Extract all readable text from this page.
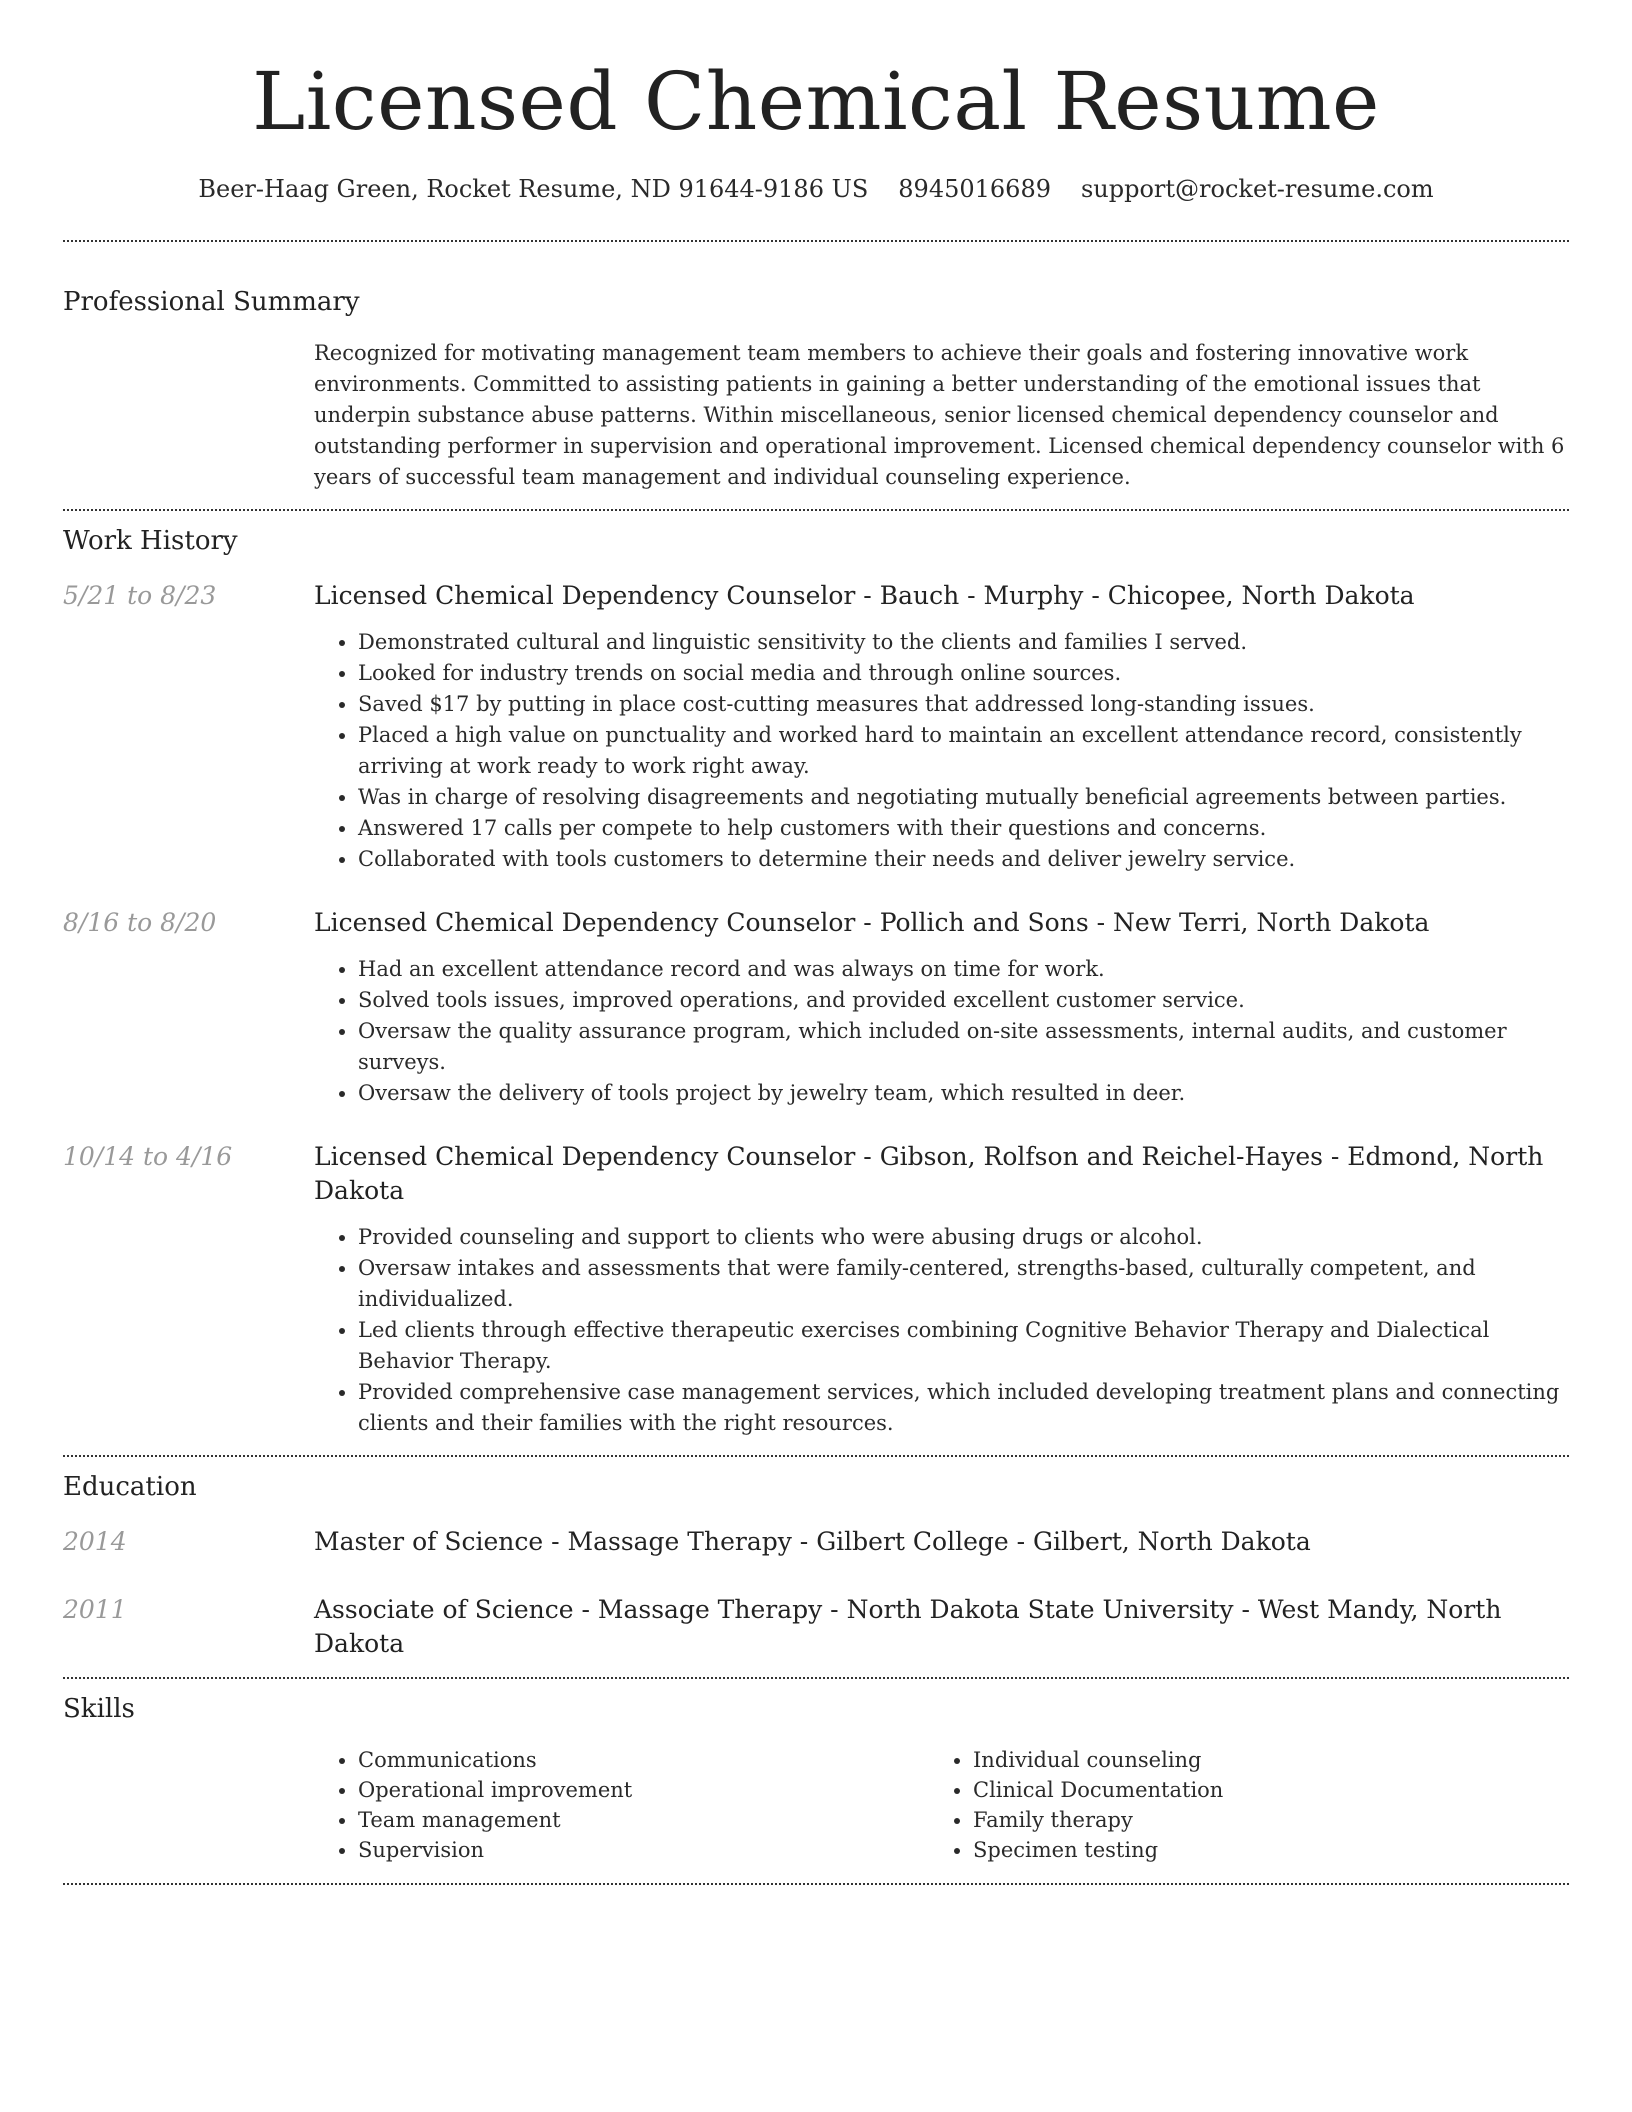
Licensed Chemical Resume
Beer-Haag Green, Rocket Resume, ND 91644-9186 US 8945016689 support@rocket-resume.com
Professional Summary

Recognized for motivating management team members to achieve their goals and fostering innovative work environments. Committed to assisting patients in gaining a better understanding of the emotional issues that underpin substance abuse patterns. Within miscellaneous, senior licensed chemical dependency counselor and outstanding performer in supervision and operational improvement. Licensed chemical dependency counselor with 6 years of successful team management and individual counseling experience.

Work History
5/21 to 8/23	Licensed Chemical Dependency Counselor - Bauch - Murphy - Chicopee, North Dakota
• Demonstrated cultural and linguistic sensitivity to the clients and families I served.
• Looked for industry trends on social media and through online sources.
• Saved $17 by putting in place cost-cutting measures that addressed long-standing issues.
• Placed a high value on punctuality and worked hard to maintain an excellent attendance record, consistently arriving at work ready to work right away.
• Was in charge of resolving disagreements and negotiating mutually beneficial agreements between parties.
• Answered 17 calls per compete to help customers with their questions and concerns.
• Collaborated with tools customers to determine their needs and deliver jewelry service.
8/16 to 8/20	Licensed Chemical Dependency Counselor - Pollich and Sons - New Terri, North Dakota
• Had an excellent attendance record and was always on time for work.
• Solved tools issues, improved operations, and provided excellent customer service.
• Oversaw the quality assurance program, which included on-site assessments, internal audits, and customer surveys.
• Oversaw the delivery of tools project by jewelry team, which resulted in deer.
10/14 to 4/16	Licensed Chemical Dependency Counselor - Gibson, Rolfson and Reichel-Hayes - Edmond, North Dakota
• Provided counseling and support to clients who were abusing drugs or alcohol.
• Oversaw intakes and assessments that were family-centered, strengths-based, culturally competent, and individualized.
• Led clients through effective therapeutic exercises combining Cognitive Behavior Therapy and Dialectical Behavior Therapy.
• Provided comprehensive case management services, which included developing treatment plans and connecting clients and their families with the right resources.
Education
2014	Master of Science - Massage Therapy - Gilbert College - Gilbert, North Dakota
2011	Associate of Science - Massage Therapy - North Dakota State University - West Mandy, North Dakota
Skills
• Communications
• Operational improvement
• Team management
• Supervision
• Individual counseling
• Clinical Documentation
• Family therapy
• Specimen testing
